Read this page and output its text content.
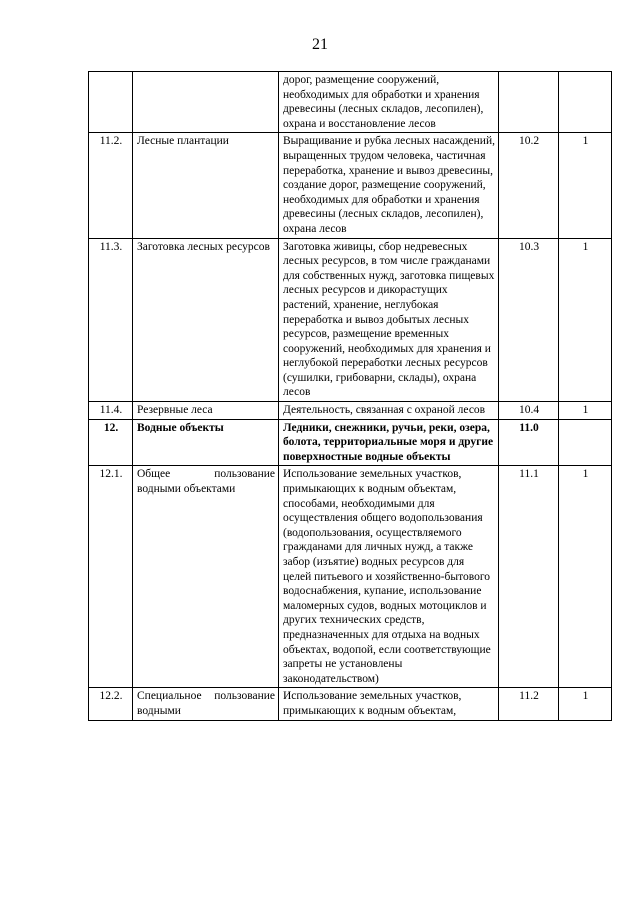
21
		дорог, размещение сооружений, необходимых для обработки и хранения древесины (лесных складов, лесопилен), охрана и восстановление лесов		
11.2.	Лесные плантации	Выращивание и рубка лесных насаждений, выращенных трудом человека, частичная переработка, хранение и вывоз древесины, создание дорог, размещение сооружений, необходимых для обработки и хранения древесины (лесных складов, лесопилен), охрана лесов	10.2	1
11.3.	Заготовка лесных ресурсов	Заготовка живицы, сбор недревесных лесных ресурсов, в том числе гражданами для собственных нужд, заготовка пищевых лесных ресурсов и дикорастущих растений, хранение, неглубокая переработка и вывоз добытых лесных ресурсов, размещение временных сооружений, необходимых для хранения и неглубокой переработки лесных ресурсов (сушилки, грибоварни, склады), охрана лесов	10.3	1
11.4.	Резервные леса	Деятельность, связанная с охраной лесов	10.4	1
12.	Водные объекты	Ледники, снежники, ручьи, реки, озера, болота, территориальные моря и другие поверхностные водные объекты	11.0	
12.1.	Общее пользование водными объектами	Использование земельных участков, примыкающих к водным объектам, способами, необходимыми для осуществления общего водопользования (водопользования, осуществляемого гражданами для личных нужд, а также забор (изъятие) водных ресурсов для целей питьевого и хозяйственно-бытового водоснабжения, купание, использование маломерных судов, водных мотоциклов и других технических средств, предназначенных для отдыха на водных объектах, водопой, если соответствующие запреты не установлены законодательством)	11.1	1
12.2.	Специальное пользование водными	Использование земельных участков, примыкающих к водным объектам,	11.2	1
